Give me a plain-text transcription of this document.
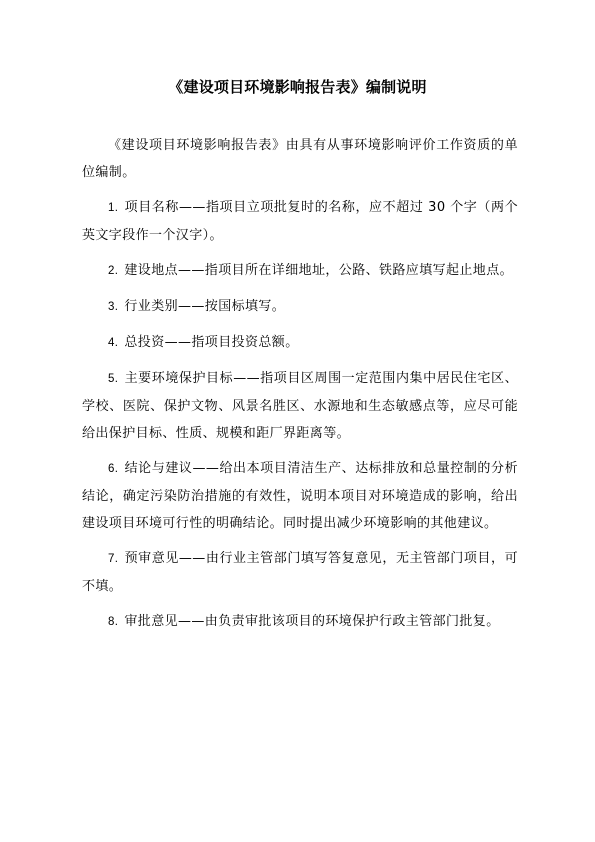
《建设项目环境影响报告表》编制说明

《建设项目环境影响报告表》由具有从事环境影响评价工作资质的单位编制。

1. 项目名称——指项目立项批复时的名称，应不超过 30 个字（两个英文字段作一个汉字）。

2. 建设地点——指项目所在详细地址，公路、铁路应填写起止地点。

3. 行业类别——按国标填写。

4. 总投资——指项目投资总额。

5. 主要环境保护目标——指项目区周围一定范围内集中居民住宅区、学校、医院、保护文物、风景名胜区、水源地和生态敏感点等，应尽可能给出保护目标、性质、规模和距厂界距离等。

6. 结论与建议——给出本项目清洁生产、达标排放和总量控制的分析结论，确定污染防治措施的有效性，说明本项目对环境造成的影响，给出建设项目环境可行性的明确结论。同时提出减少环境影响的其他建议。

7. 预审意见——由行业主管部门填写答复意见，无主管部门项目，可不填。

8. 审批意见——由负责审批该项目的环境保护行政主管部门批复。
